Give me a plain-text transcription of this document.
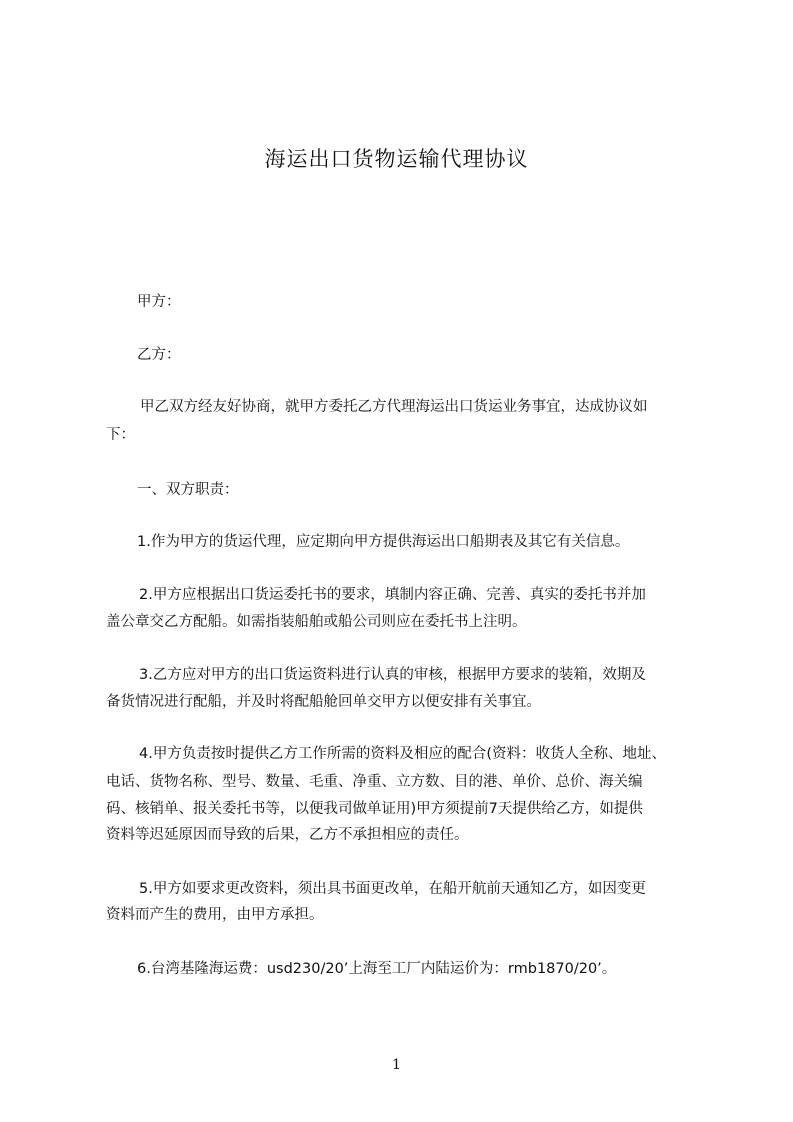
海运出口货物运输代理协议
甲方：
乙方：
甲乙双方经友好协商，就甲方委托乙方代理海运出口货运业务事宜，达成协议如
下：
一、双方职责：
1.作为甲方的货运代理，应定期向甲方提供海运出口船期表及其它有关信息。
2.甲方应根据出口货运委托书的要求，填制内容正确、完善、真实的委托书并加
盖公章交乙方配船。如需指装船舶或船公司则应在委托书上注明。
3.乙方应对甲方的出口货运资料进行认真的审核，根据甲方要求的装箱，效期及
备货情况进行配船，并及时将配船舱回单交甲方以便安排有关事宜。
4.甲方负责按时提供乙方工作所需的资料及相应的配合(资料：收货人全称、地址、
电话、货物名称、型号、数量、毛重、净重、立方数、目的港、单价、总价、海关编
码、核销单、报关委托书等，以便我司做单证用)甲方须提前7天提供给乙方，如提供
资料等迟延原因而导致的后果，乙方不承担相应的责任。
5.甲方如要求更改资料，须出具书面更改单，在船开航前天通知乙方，如因变更
资料而产生的费用，由甲方承担。
6.台湾基隆海运费：usd230/20’上海至工厂内陆运价为：rmb1870/20’。
1
